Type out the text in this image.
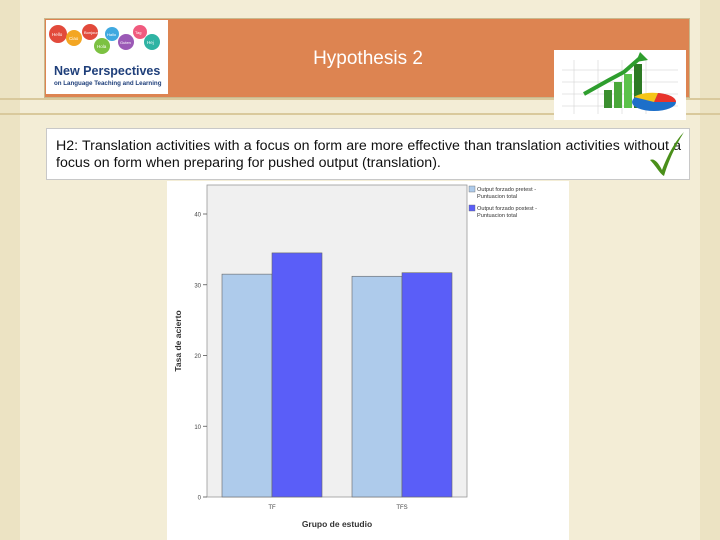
Hello
Ciao
Bonjour
Hola
Hallo
Guten
Tag
Hej
New Perspectives
on Language Teaching and Learning
Hypothesis 2
H2: Translation activities with a focus on form are more effective than translation activities without a focus on form when preparing for pushed output (translation).
0
10
20
30
40
TF	TFS
Output forzado pretest -
Puntuacion total
Output forzado postest -
Puntuacion total
Tasa de acierto
Grupo de estudio
